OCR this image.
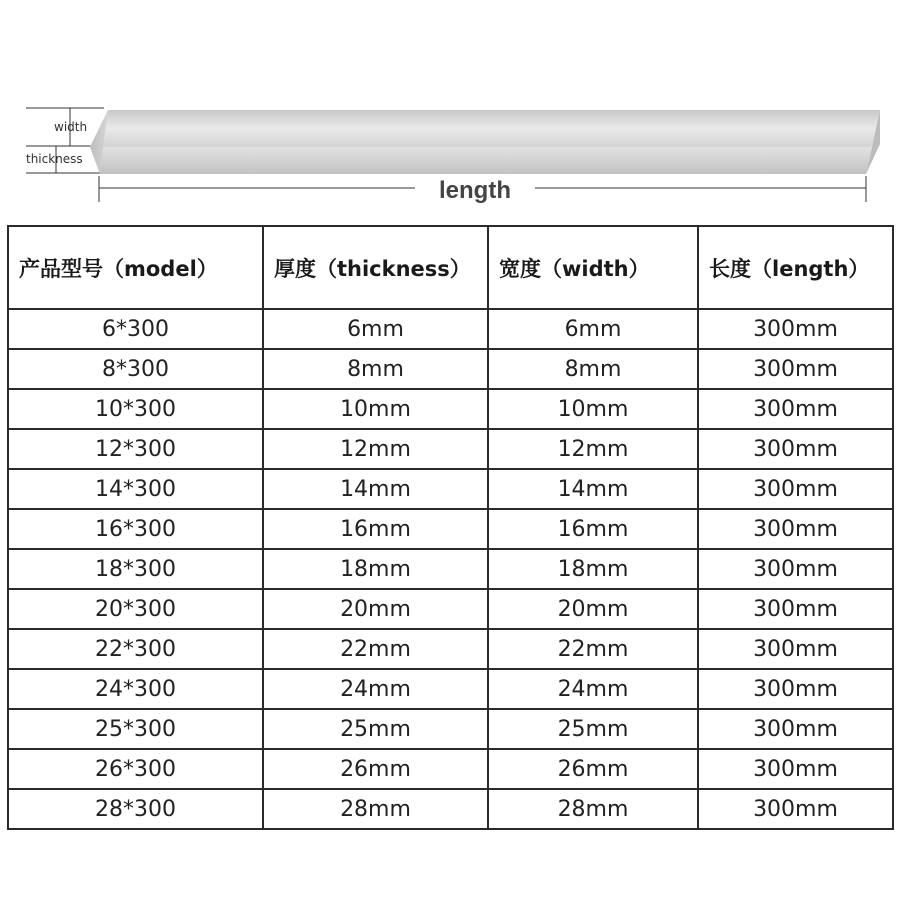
width
thickness
length
产品型号（model）	厚度（thickness）	宽度（width）	长度（length）
6*300	6mm	6mm	300mm
8*300	8mm	8mm	300mm
10*300	10mm	10mm	300mm
12*300	12mm	12mm	300mm
14*300	14mm	14mm	300mm
16*300	16mm	16mm	300mm
18*300	18mm	18mm	300mm
20*300	20mm	20mm	300mm
22*300	22mm	22mm	300mm
24*300	24mm	24mm	300mm
25*300	25mm	25mm	300mm
26*300	26mm	26mm	300mm
28*300	28mm	28mm	300mm
